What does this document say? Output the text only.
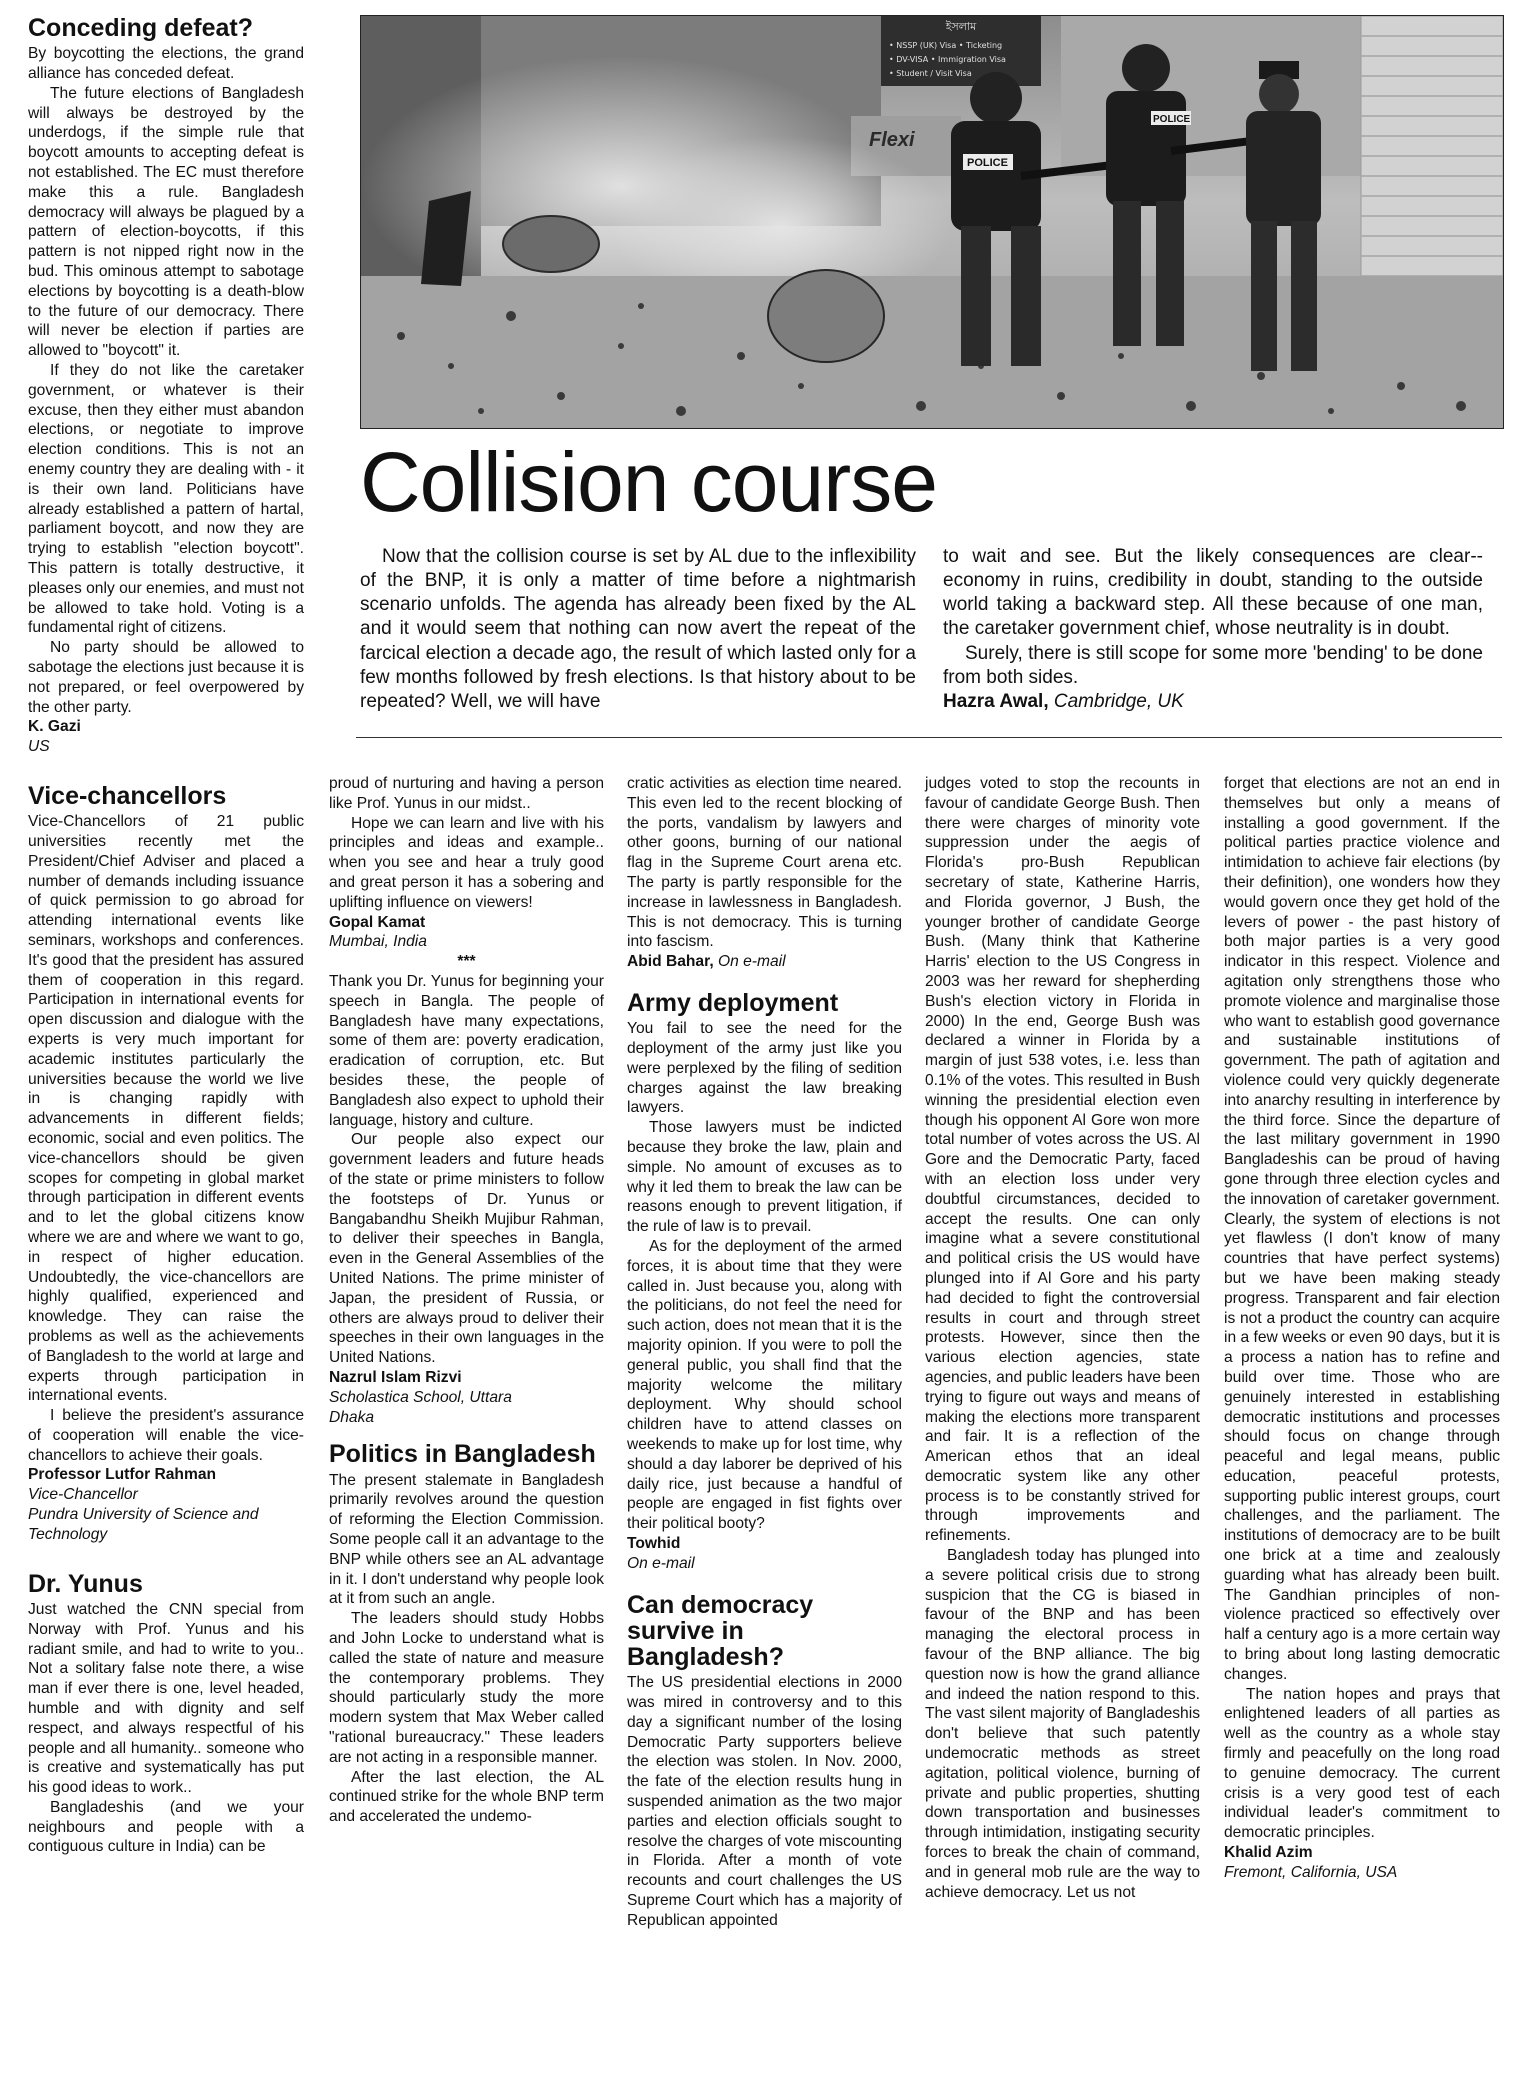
Conceding defeat?

By boycotting the elections, the grand alliance has conceded defeat.

The future elections of Bangladesh will always be destroyed by the underdogs, if the simple rule that boycott amounts to accepting defeat is not established. The EC must therefore make this a rule. Bangladesh democracy will always be plagued by a pattern of election-boycotts, if this pattern is not nipped right now in the bud. This ominous attempt to sabotage elections by boycotting is a death-blow to the future of our democracy. There will never be election if parties are allowed to "boycott" it.

If they do not like the caretaker government, or whatever is their excuse, then they either must abandon elections, or negotiate to improve election conditions. This is not an enemy country they are dealing with - it is their own land. Politicians have already established a pattern of hartal, parliament boycott, and now they are trying to establish "election boycott". This pattern is totally destructive, it pleases only our enemies, and must not be allowed to take hold. Voting is a fundamental right of citizens.

No party should be allowed to sabotage the elections just because it is not prepared, or feel overpowered by the other party.

K. Gazi

US

Vice-chancellors

Vice-Chancellors of 21 public universities recently met the President/Chief Adviser and placed a number of demands including issuance of quick permission to go abroad for attending international events like seminars, workshops and conferences. It's good that the president has assured them of cooperation in this regard. Participation in international events for open discussion and dialogue with the experts is very much important for academic institutes particularly the universities because the world we live in is changing rapidly with advancements in different fields; economic, social and even politics. The vice-chancellors should be given scopes for competing in global market through participation in different events and to let the global citizens know where we are and where we want to go, in respect of higher education. Undoubtedly, the vice-chancellors are highly qualified, experienced and knowledge. They can raise the problems as well as the achievements of Bangladesh to the world at large and experts through participation in international events.

I believe the president's assurance of cooperation will enable the vice-chancellors to achieve their goals.

Professor Lutfor Rahman

Vice-Chancellor

Pundra University of Science and Technology

Dr. Yunus

Just watched the CNN special from Norway with Prof. Yunus and his radiant smile, and had to write to you.. Not a solitary false note there, a wise man if ever there is one, level headed, humble and with dignity and self respect, and always respectful of his people and all humanity.. someone who is creative and systematically has put his good ideas to work..

Bangladeshis (and we your neighbours and people with a contiguous culture in India) can be

ইসলাম
• NSSP (UK) Visa • Ticketing
• DV-VISA • Immigration Visa
• Student / Visit Visa
Flexi
POLICE
POLICE
Collision course

Now that the collision course is set by AL due to the inflexibility of the BNP, it is only a matter of time before a nightmarish scenario unfolds. The agenda has already been fixed by the AL and it would seem that nothing can now avert the repeat of the farcical election a decade ago, the result of which lasted only for a few months followed by fresh elections. Is that history about to be repeated? Well, we will have

to wait and see. But the likely consequences are clear--economy in ruins, credibility in doubt, standing to the outside world taking a backward step. All these because of one man, the caretaker government chief, whose neutrality is in doubt.

Surely, there is still scope for some more 'bending' to be done from both sides.

Hazra Awal, Cambridge, UK

proud of nurturing and having a person like Prof. Yunus in our midst..

Hope we can learn and live with his principles and ideas and example.. when you see and hear a truly good and great person it has a sobering and uplifting influence on viewers!

Gopal Kamat

Mumbai, India

***

Thank you Dr. Yunus for beginning your speech in Bangla. The people of Bangladesh have many expectations, some of them are: poverty eradication, eradication of corruption, etc. But besides these, the people of Bangladesh also expect to uphold their language, history and culture.

Our people also expect our government leaders and future heads of the state or prime ministers to follow the footsteps of Dr. Yunus or Bangabandhu Sheikh Mujibur Rahman, to deliver their speeches in Bangla, even in the General Assemblies of the United Nations. The prime minister of Japan, the president of Russia, or others are always proud to deliver their speeches in their own languages in the United Nations.

Nazrul Islam Rizvi

Scholastica School, Uttara

Dhaka

Politics in Bangladesh

The present stalemate in Bangladesh primarily revolves around the question of reforming the Election Commission. Some people call it an advantage to the BNP while others see an AL advantage in it. I don't understand why people look at it from such an angle.

The leaders should study Hobbs and John Locke to understand what is called the state of nature and measure the contemporary problems. They should particularly study the more modern system that Max Weber called "rational bureaucracy." These leaders are not acting in a responsible manner.

After the last election, the AL continued strike for the whole BNP term and accelerated the undemo-

cratic activities as election time neared. This even led to the recent blocking of the ports, vandalism by lawyers and other goons, burning of our national flag in the Supreme Court arena etc. The party is partly responsible for the increase in lawlessness in Bangladesh. This is not democracy. This is turning into fascism.

Abid Bahar, On e-mail

Army deployment

You fail to see the need for the deployment of the army just like you were perplexed by the filing of sedition charges against the law breaking lawyers.

Those lawyers must be indicted because they broke the law, plain and simple. No amount of excuses as to why it led them to break the law can be reasons enough to prevent litigation, if the rule of law is to prevail.

As for the deployment of the armed forces, it is about time that they were called in. Just because you, along with the politicians, do not feel the need for such action, does not mean that it is the majority opinion. If you were to poll the general public, you shall find that the majority welcome the military deployment. Why should school children have to attend classes on weekends to make up for lost time, why should a day laborer be deprived of his daily rice, just because a handful of people are engaged in fist fights over their political booty?

Towhid

On e-mail

Can democracy survive in Bangladesh?

The US presidential elections in 2000 was mired in controversy and to this day a significant number of the losing Democratic Party supporters believe the election was stolen. In Nov. 2000, the fate of the election results hung in suspended animation as the two major parties and election officials sought to resolve the charges of vote miscounting in Florida. After a month of vote recounts and court challenges the US Supreme Court which has a majority of Republican appointed

judges voted to stop the recounts in favour of candidate George Bush. Then there were charges of minority vote suppression under the aegis of Florida's pro-Bush Republican secretary of state, Katherine Harris, and Florida governor, J Bush, the younger brother of candidate George Bush. (Many think that Katherine Harris' election to the US Congress in 2003 was her reward for shepherding Bush's election victory in Florida in 2000) In the end, George Bush was declared a winner in Florida by a margin of just 538 votes, i.e. less than 0.1% of the votes. This resulted in Bush winning the presidential election even though his opponent Al Gore won more total number of votes across the US. Al Gore and the Democratic Party, faced with an election loss under very doubtful circumstances, decided to accept the results. One can only imagine what a severe constitutional and political crisis the US would have plunged into if Al Gore and his party had decided to fight the controversial results in court and through street protests. However, since then the various election agencies, state agencies, and public leaders have been trying to figure out ways and means of making the elections more transparent and fair. It is a reflection of the American ethos that an ideal democratic system like any other process is to be constantly strived for through improvements and refinements.

Bangladesh today has plunged into a severe political crisis due to strong suspicion that the CG is biased in favour of the BNP and has been managing the electoral process in favour of the BNP alliance. The big question now is how the grand alliance and indeed the nation respond to this. The vast silent majority of Bangladeshis don't believe that such patently undemocratic methods as street agitation, political violence, burning of private and public properties, shutting down transportation and businesses through intimidation, instigating security forces to break the chain of command, and in general mob rule are the way to achieve democracy. Let us not

forget that elections are not an end in themselves but only a means of installing a good government. If the political parties practice violence and intimidation to achieve fair elections (by their definition), one wonders how they would govern once they get hold of the levers of power - the past history of both major parties is a very good indicator in this respect. Violence and agitation only strengthens those who promote violence and marginalise those who want to establish good governance and sustainable institutions of government. The path of agitation and violence could very quickly degenerate into anarchy resulting in interference by the third force. Since the departure of the last military government in 1990 Bangladeshis can be proud of having gone through three election cycles and the innovation of caretaker government. Clearly, the system of elections is not yet flawless (I don't know of many countries that have perfect systems) but we have been making steady progress. Transparent and fair election is not a product the country can acquire in a few weeks or even 90 days, but it is a process a nation has to refine and build over time. Those who are genuinely interested in establishing democratic institutions and processes should focus on change through peaceful and legal means, public education, peaceful protests, supporting public interest groups, court challenges, and the parliament. The institutions of democracy are to be built one brick at a time and zealously guarding what has already been built. The Gandhian principles of non-violence practiced so effectively over half a century ago is a more certain way to bring about long lasting democratic changes.

The nation hopes and prays that enlightened leaders of all parties as well as the country as a whole stay firmly and peacefully on the long road to genuine democracy. The current crisis is a very good test of each individual leader's commitment to democratic principles.

Khalid Azim

Fremont, California, USA
